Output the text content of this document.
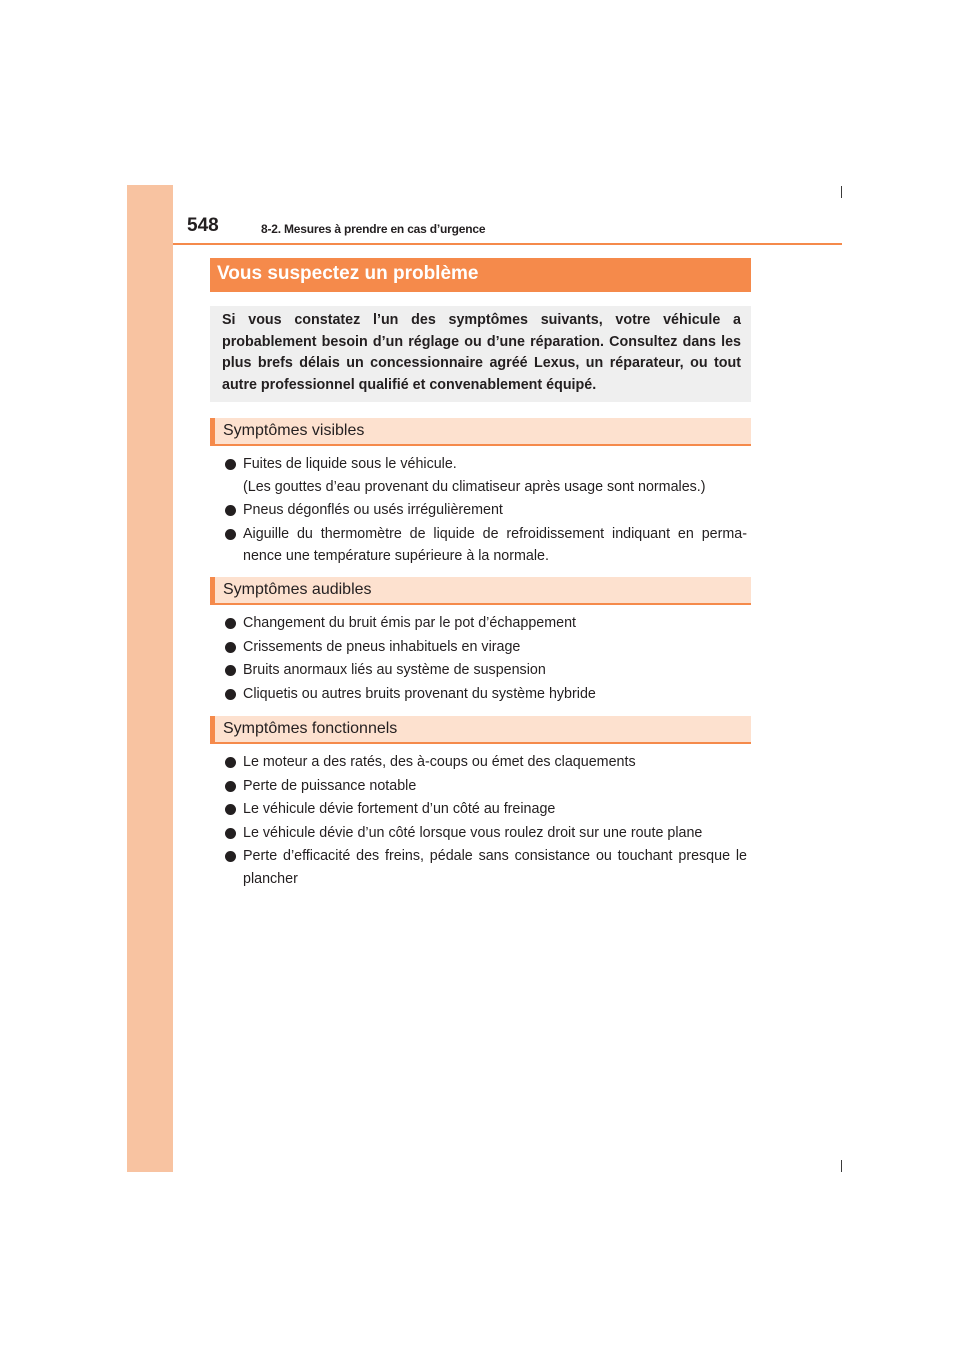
548	8-2. Mesures à prendre en cas d’urgence
Vous suspectez un problème
Si vous constatez l’un des symptômes suivants, votre véhicule a probablement besoin d’un réglage ou d’une réparation. Consultez dans les plus brefs délais un concessionnaire agréé Lexus, un réparateur, ou tout autre professionnel qualifié et convenablement équipé.
Symptômes visibles
Fuites de liquide sous le véhicule.
(Les gouttes d’eau provenant du climatiseur après usage sont normales.)
Pneus dégonflés ou usés irrégulièrement
Aiguille du thermomètre de liquide de refroidissement indiquant en perma-nence une température supérieure à la normale.
Symptômes audibles
Changement du bruit émis par le pot d’échappement
Crissements de pneus inhabituels en virage
Bruits anormaux liés au système de suspension
Cliquetis ou autres bruits provenant du système hybride
Symptômes fonctionnels
Le moteur a des ratés, des à-coups ou émet des claquements
Perte de puissance notable
Le véhicule dévie fortement d’un côté au freinage
Le véhicule dévie d’un côté lorsque vous roulez droit sur une route plane
Perte d’efficacité des freins, pédale sans consistance ou touchant presque le plancher
